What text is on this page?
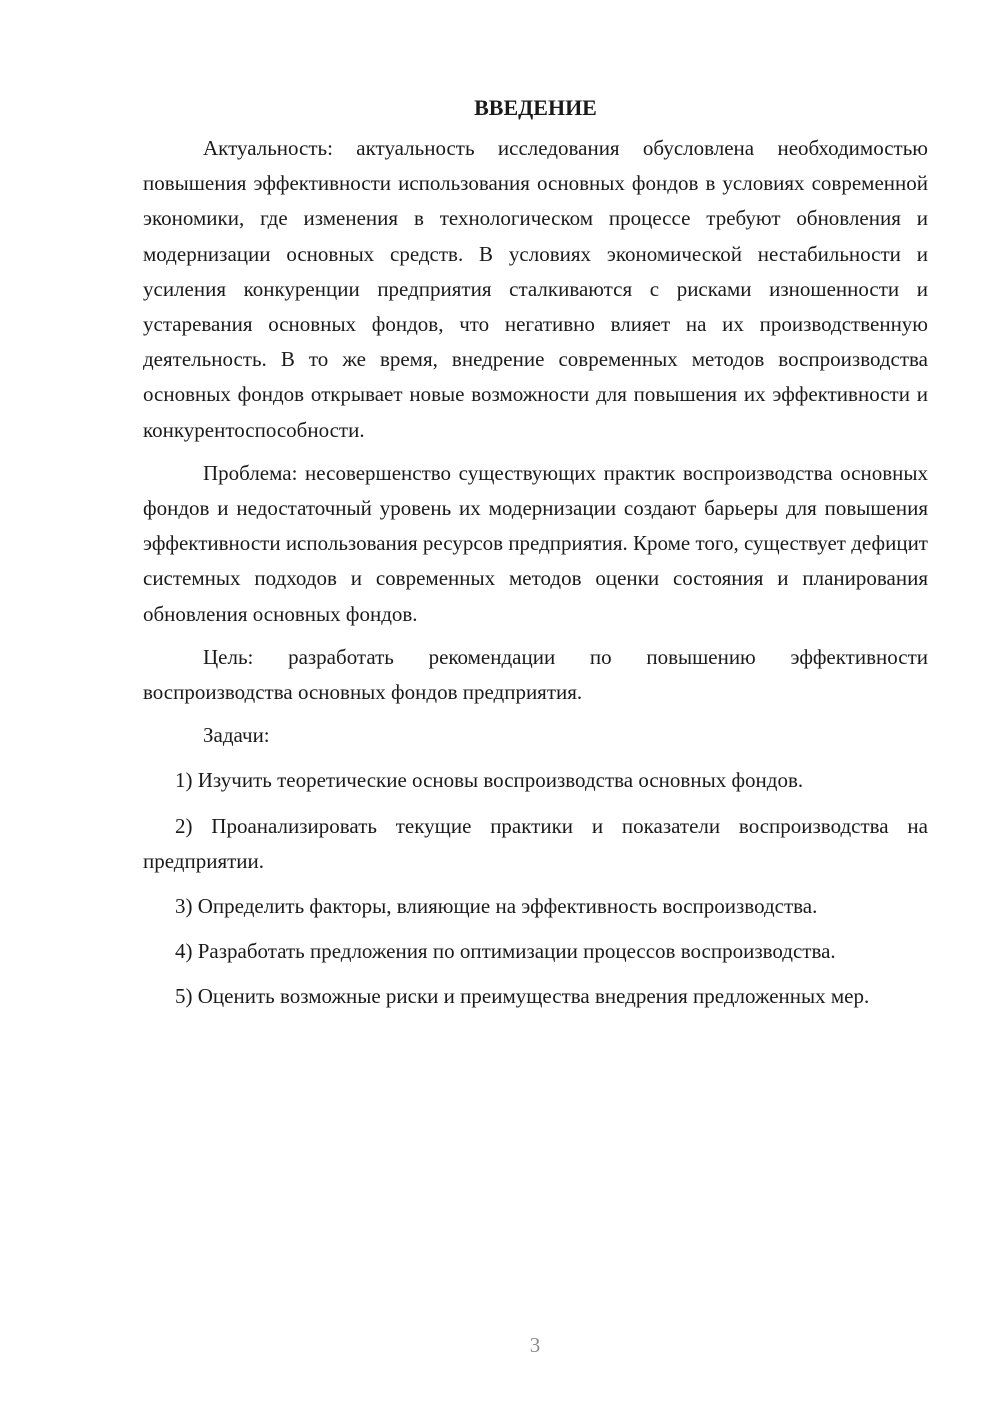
ВВЕДЕНИЕ

Актуальность: актуальность исследования обусловлена необходимостью повышения эффективности использования основных фондов в условиях современной экономики, где изменения в технологическом процессе требуют обновления и модернизации основных средств. В условиях экономической нестабильности и усиления конкуренции предприятия сталкиваются с рисками изношенности и устаревания основных фондов, что негативно влияет на их производственную деятельность. В то же время, внедрение современных методов воспроизводства основных фондов открывает новые возможности для повышения их эффективности и конкурентоспособности.

Проблема: несовершенство существующих практик воспроизводства основных фондов и недостаточный уровень их модернизации создают барьеры для повышения эффективности использования ресурсов предприятия. Кроме того, существует дефицит системных подходов и современных методов оценки состояния и планирования обновления основных фондов.

Цель: разработать рекомендации по повышению эффективности воспроизводства основных фондов предприятия.

Задачи:

1) Изучить теоретические основы воспроизводства основных фондов.

2) Проанализировать текущие практики и показатели воспроизводства на предприятии.

3) Определить факторы, влияющие на эффективность воспроизводства.

4) Разработать предложения по оптимизации процессов воспроизводства.

5) Оценить возможные риски и преимущества внедрения предложенных мер.

3
